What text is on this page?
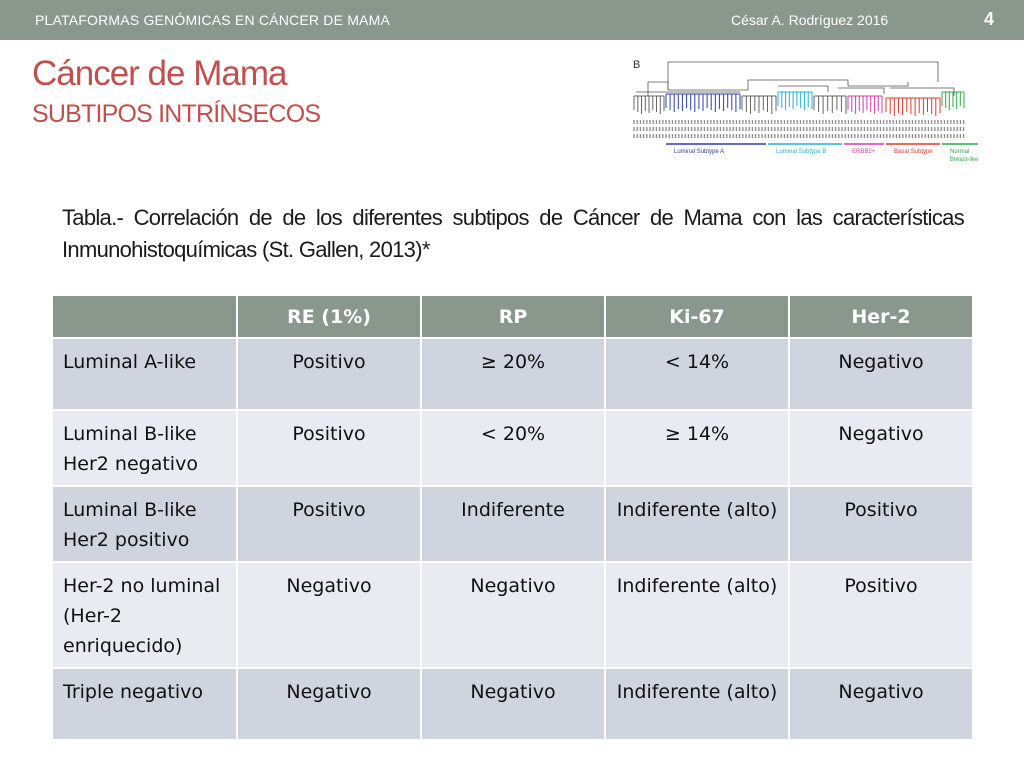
PLATAFORMAS GENÓMICAS EN CÁNCER DE MAMA	César A. Rodríguez 2016	4
Cáncer de Mama
SUBTIPOS INTRÍNSECOS
B
Luminal Subtype A	Luminal Subtype B	ERBB2+	Basal Subtype	Normal
Breast-like
Tabla.- Correlación de de los diferentes subtipos de Cáncer de Mama con las características Inmunohistoquímicas (St. Gallen, 2013)*
	RE (1%)	RP	Ki-67	Her-2
Luminal A-like	Positivo	≥ 20%	< 14%	Negativo
Luminal B-like Her2 negativo	Positivo	< 20%	≥ 14%	Negativo
Luminal B-like Her2 positivo	Positivo	Indiferente	Indiferente (alto)	Positivo
Her-2 no luminal (Her-2 enriquecido)	Negativo	Negativo	Indiferente (alto)	Positivo
Triple negativo	Negativo	Negativo	Indiferente (alto)	Negativo
